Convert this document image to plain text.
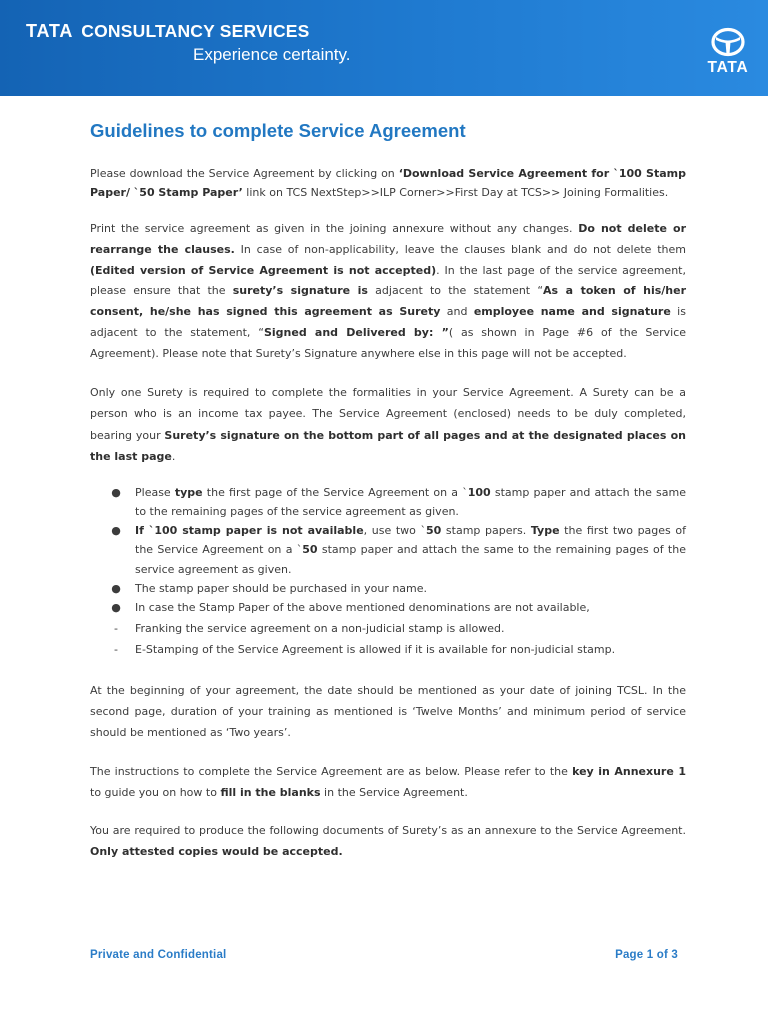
TATA CONSULTANCY SERVICES
Experience certainty.
TATA
Guidelines to complete Service Agreement

Please download the Service Agreement by clicking on ‘Download Service Agreement for `100 Stamp Paper/ `50 Stamp Paper’ link on TCS NextStep>>ILP Corner>>First Day at TCS>> Joining Formalities.

Print the service agreement as given in the joining annexure without any changes. Do not delete or rearrange the clauses. In case of non-applicability, leave the clauses blank and do not delete them (Edited version of Service Agreement is not accepted). In the last page of the service agreement, please ensure that the surety’s signature is adjacent to the statement “As a token of his/her consent, he/she has signed this agreement as Surety and employee name and signature is adjacent to the statement, “Signed and Delivered by: ”( as shown in Page #6 of the Service Agreement). Please note that Surety’s Signature anywhere else in this page will not be accepted.

Only one Surety is required to complete the formalities in your Service Agreement. A Surety can be a person who is an income tax payee. The Service Agreement (enclosed) needs to be duly completed, bearing your Surety’s signature on the bottom part of all pages and at the designated places on the last page.

● Please type the first page of the Service Agreement on a `100 stamp paper and attach the same to the remaining pages of the service agreement as given.
● If `100 stamp paper is not available, use two `50 stamp papers. Type the first two pages of the Service Agreement on a `50 stamp paper and attach the same to the remaining pages of the service agreement as given.
● The stamp paper should be purchased in your name.
● In case the Stamp Paper of the above mentioned denominations are not available,
-	Franking the service agreement on a non-judicial stamp is allowed.
-	E-Stamping of the Service Agreement is allowed if it is available for non-judicial stamp.

At the beginning of your agreement, the date should be mentioned as your date of joining TCSL. In the second page, duration of your training as mentioned is ‘Twelve Months’ and minimum period of service should be mentioned as ‘Two years’.

The instructions to complete the Service Agreement are as below. Please refer to the key in Annexure 1 to guide you on how to fill in the blanks in the Service Agreement.

You are required to produce the following documents of Surety’s as an annexure to the Service Agreement. Only attested copies would be accepted.

Private and Confidential	Page 1 of 3
